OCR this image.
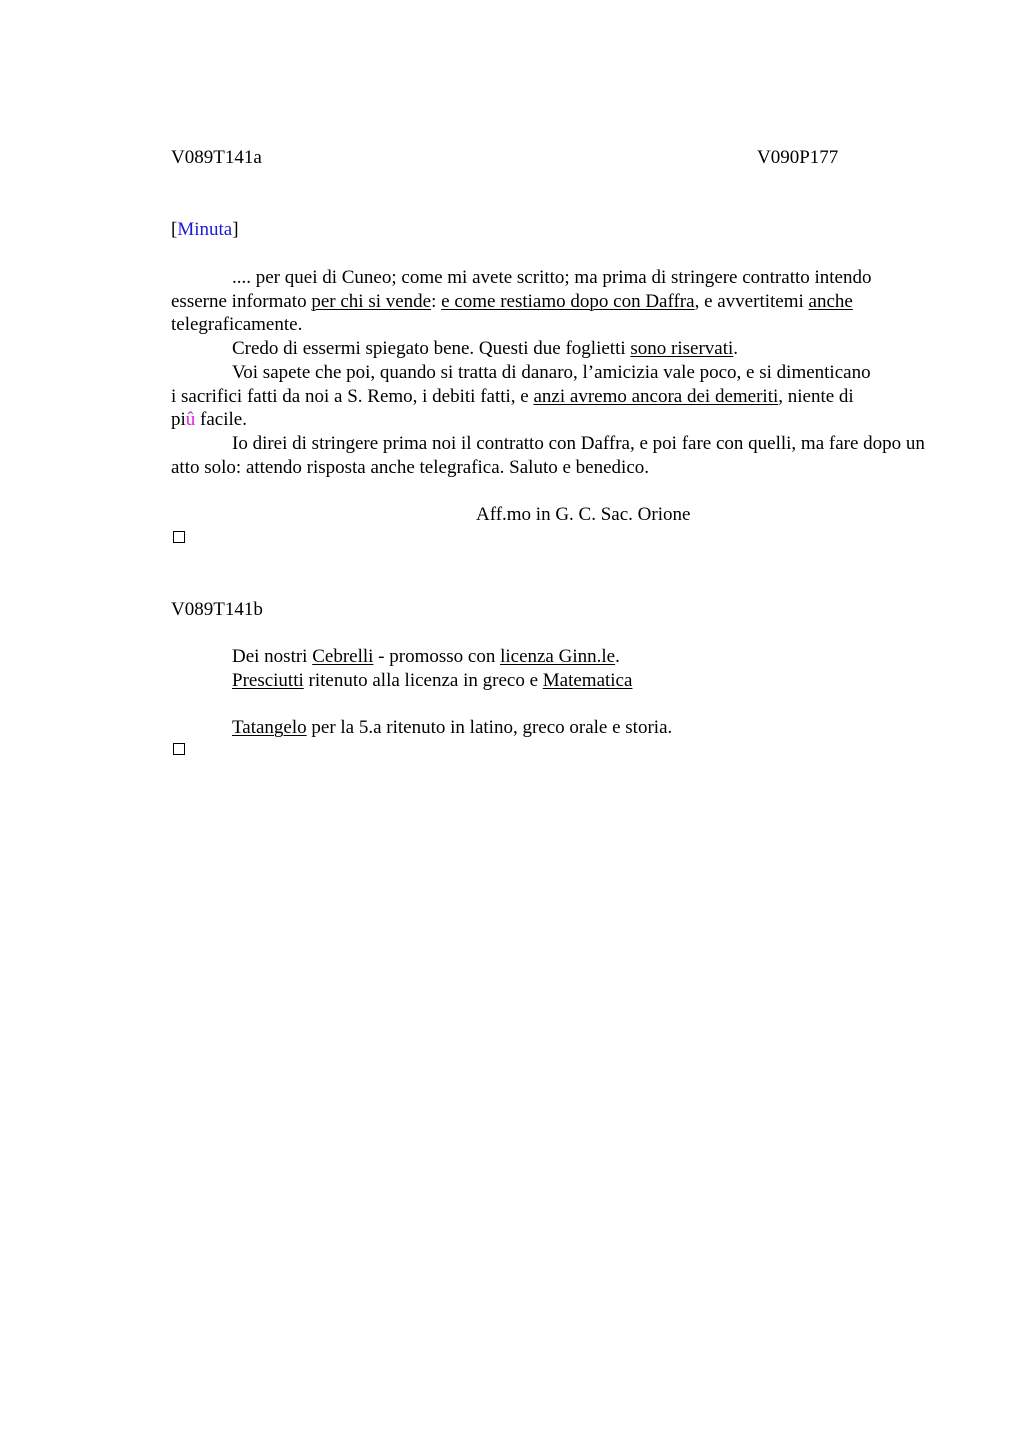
V089T141a	V090P177
[Minuta]
.... per quei di Cuneo; come mi avete scritto; ma prima di stringere contratto intendo esserne informato per chi si vende: e come restiamo dopo con Daffra, e avvertitemi anche telegraficamente.
Credo di essermi spiegato bene. Questi due foglietti sono riservati.
Voi sapete che poi, quando si tratta di danaro, l’amicizia vale poco, e si dimenticano i sacrifici fatti da noi a S. Remo, i debiti fatti, e anzi avremo ancora dei demeriti, niente di piû facile.
Io direi di stringere prima noi il contratto con Daffra, e poi fare con quelli, ma fare dopo un atto solo: attendo risposta anche telegrafica. Saluto e benedico.
Aff.mo in G. C. Sac. Orione
V089T141b
Dei nostri Cebrelli - promosso con licenza Ginn.le.
Presciutti ritenuto alla licenza in greco e Matematica
Tatangelo per la 5.a ritenuto in latino, greco orale e storia.
